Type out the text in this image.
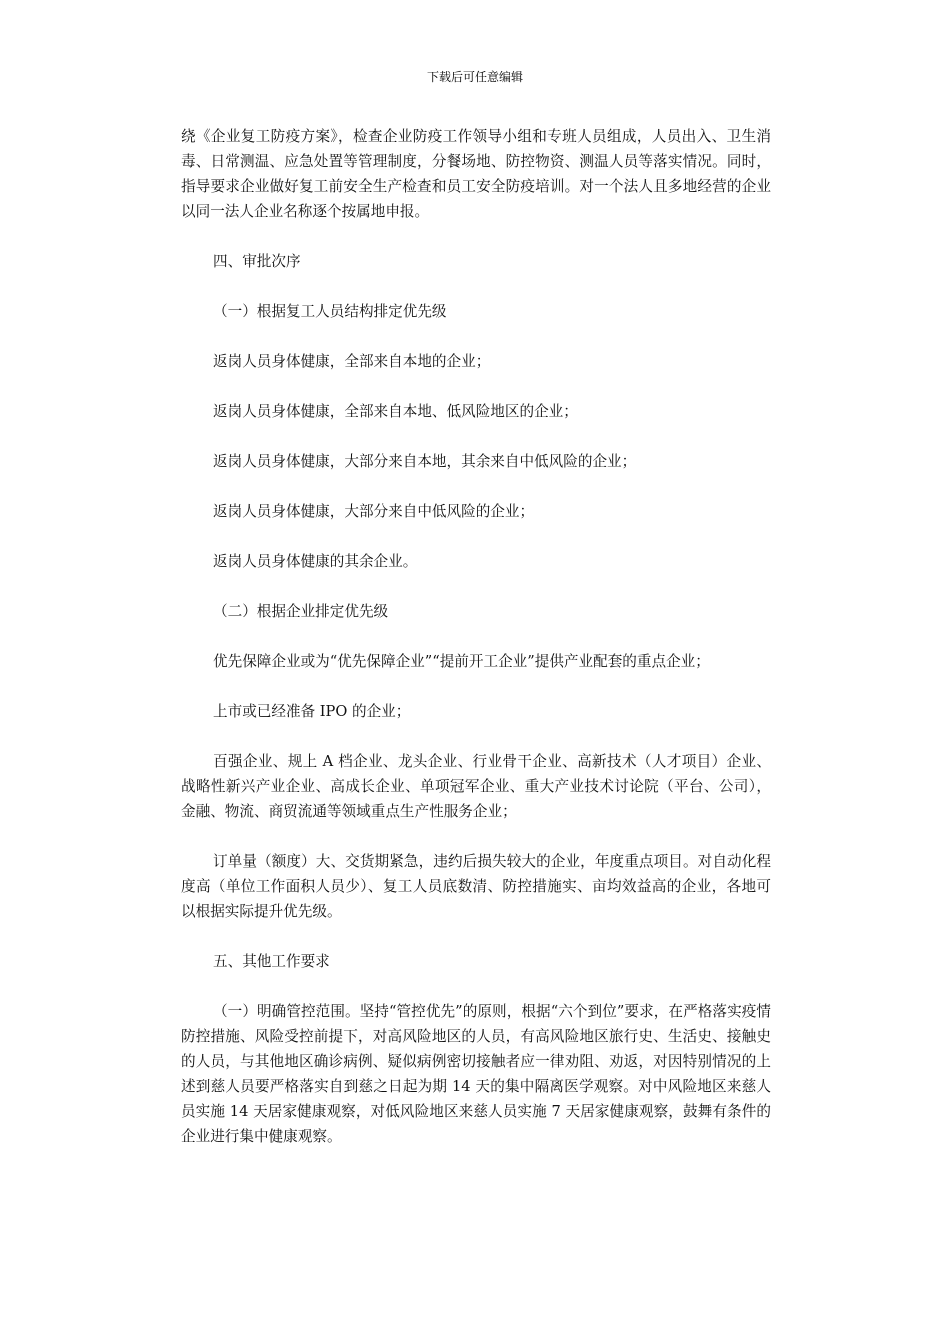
下载后可任意编辑

绕《企业复工防疫方案》，检查企业防疫工作领导小组和专班人员组成，人员出入、卫生消毒、日常测温、应急处置等管理制度，分餐场地、防控物资、测温人员等落实情况。同时，指导要求企业做好复工前安全生产检查和员工安全防疫培训。对一个法人且多地经营的企业以同一法人企业名称逐个按属地申报。

四、审批次序

（一）根据复工人员结构排定优先级

返岗人员身体健康，全部来自本地的企业；

返岗人员身体健康，全部来自本地、低风险地区的企业；

返岗人员身体健康，大部分来自本地，其余来自中低风险的企业；

返岗人员身体健康，大部分来自中低风险的企业；

返岗人员身体健康的其余企业。

（二）根据企业排定优先级

优先保障企业或为“优先保障企业”“提前开工企业”提供产业配套的重点企业；

上市或已经准备 IPO 的企业；

百强企业、规上 A 档企业、龙头企业、行业骨干企业、高新技术（人才项目）企业、战略性新兴产业企业、高成长企业、单项冠军企业、重大产业技术讨论院（平台、公司），金融、物流、商贸流通等领域重点生产性服务企业；

订单量（额度）大、交货期紧急，违约后损失较大的企业，年度重点项目。对自动化程度高（单位工作面积人员少）、复工人员底数清、防控措施实、亩均效益高的企业，各地可以根据实际提升优先级。

五、其他工作要求

（一）明确管控范围。坚持“管控优先”的原则，根据“六个到位”要求，在严格落实疫情防控措施、风险受控前提下，对高风险地区的人员，有高风险地区旅行史、生活史、接触史的人员，与其他地区确诊病例、疑似病例密切接触者应一律劝阻、劝返，对因特别情况的上述到慈人员要严格落实自到慈之日起为期 14 天的集中隔离医学观察。对中风险地区来慈人员实施 14 天居家健康观察，对低风险地区来慈人员实施 7 天居家健康观察，鼓舞有条件的企业进行集中健康观察。
